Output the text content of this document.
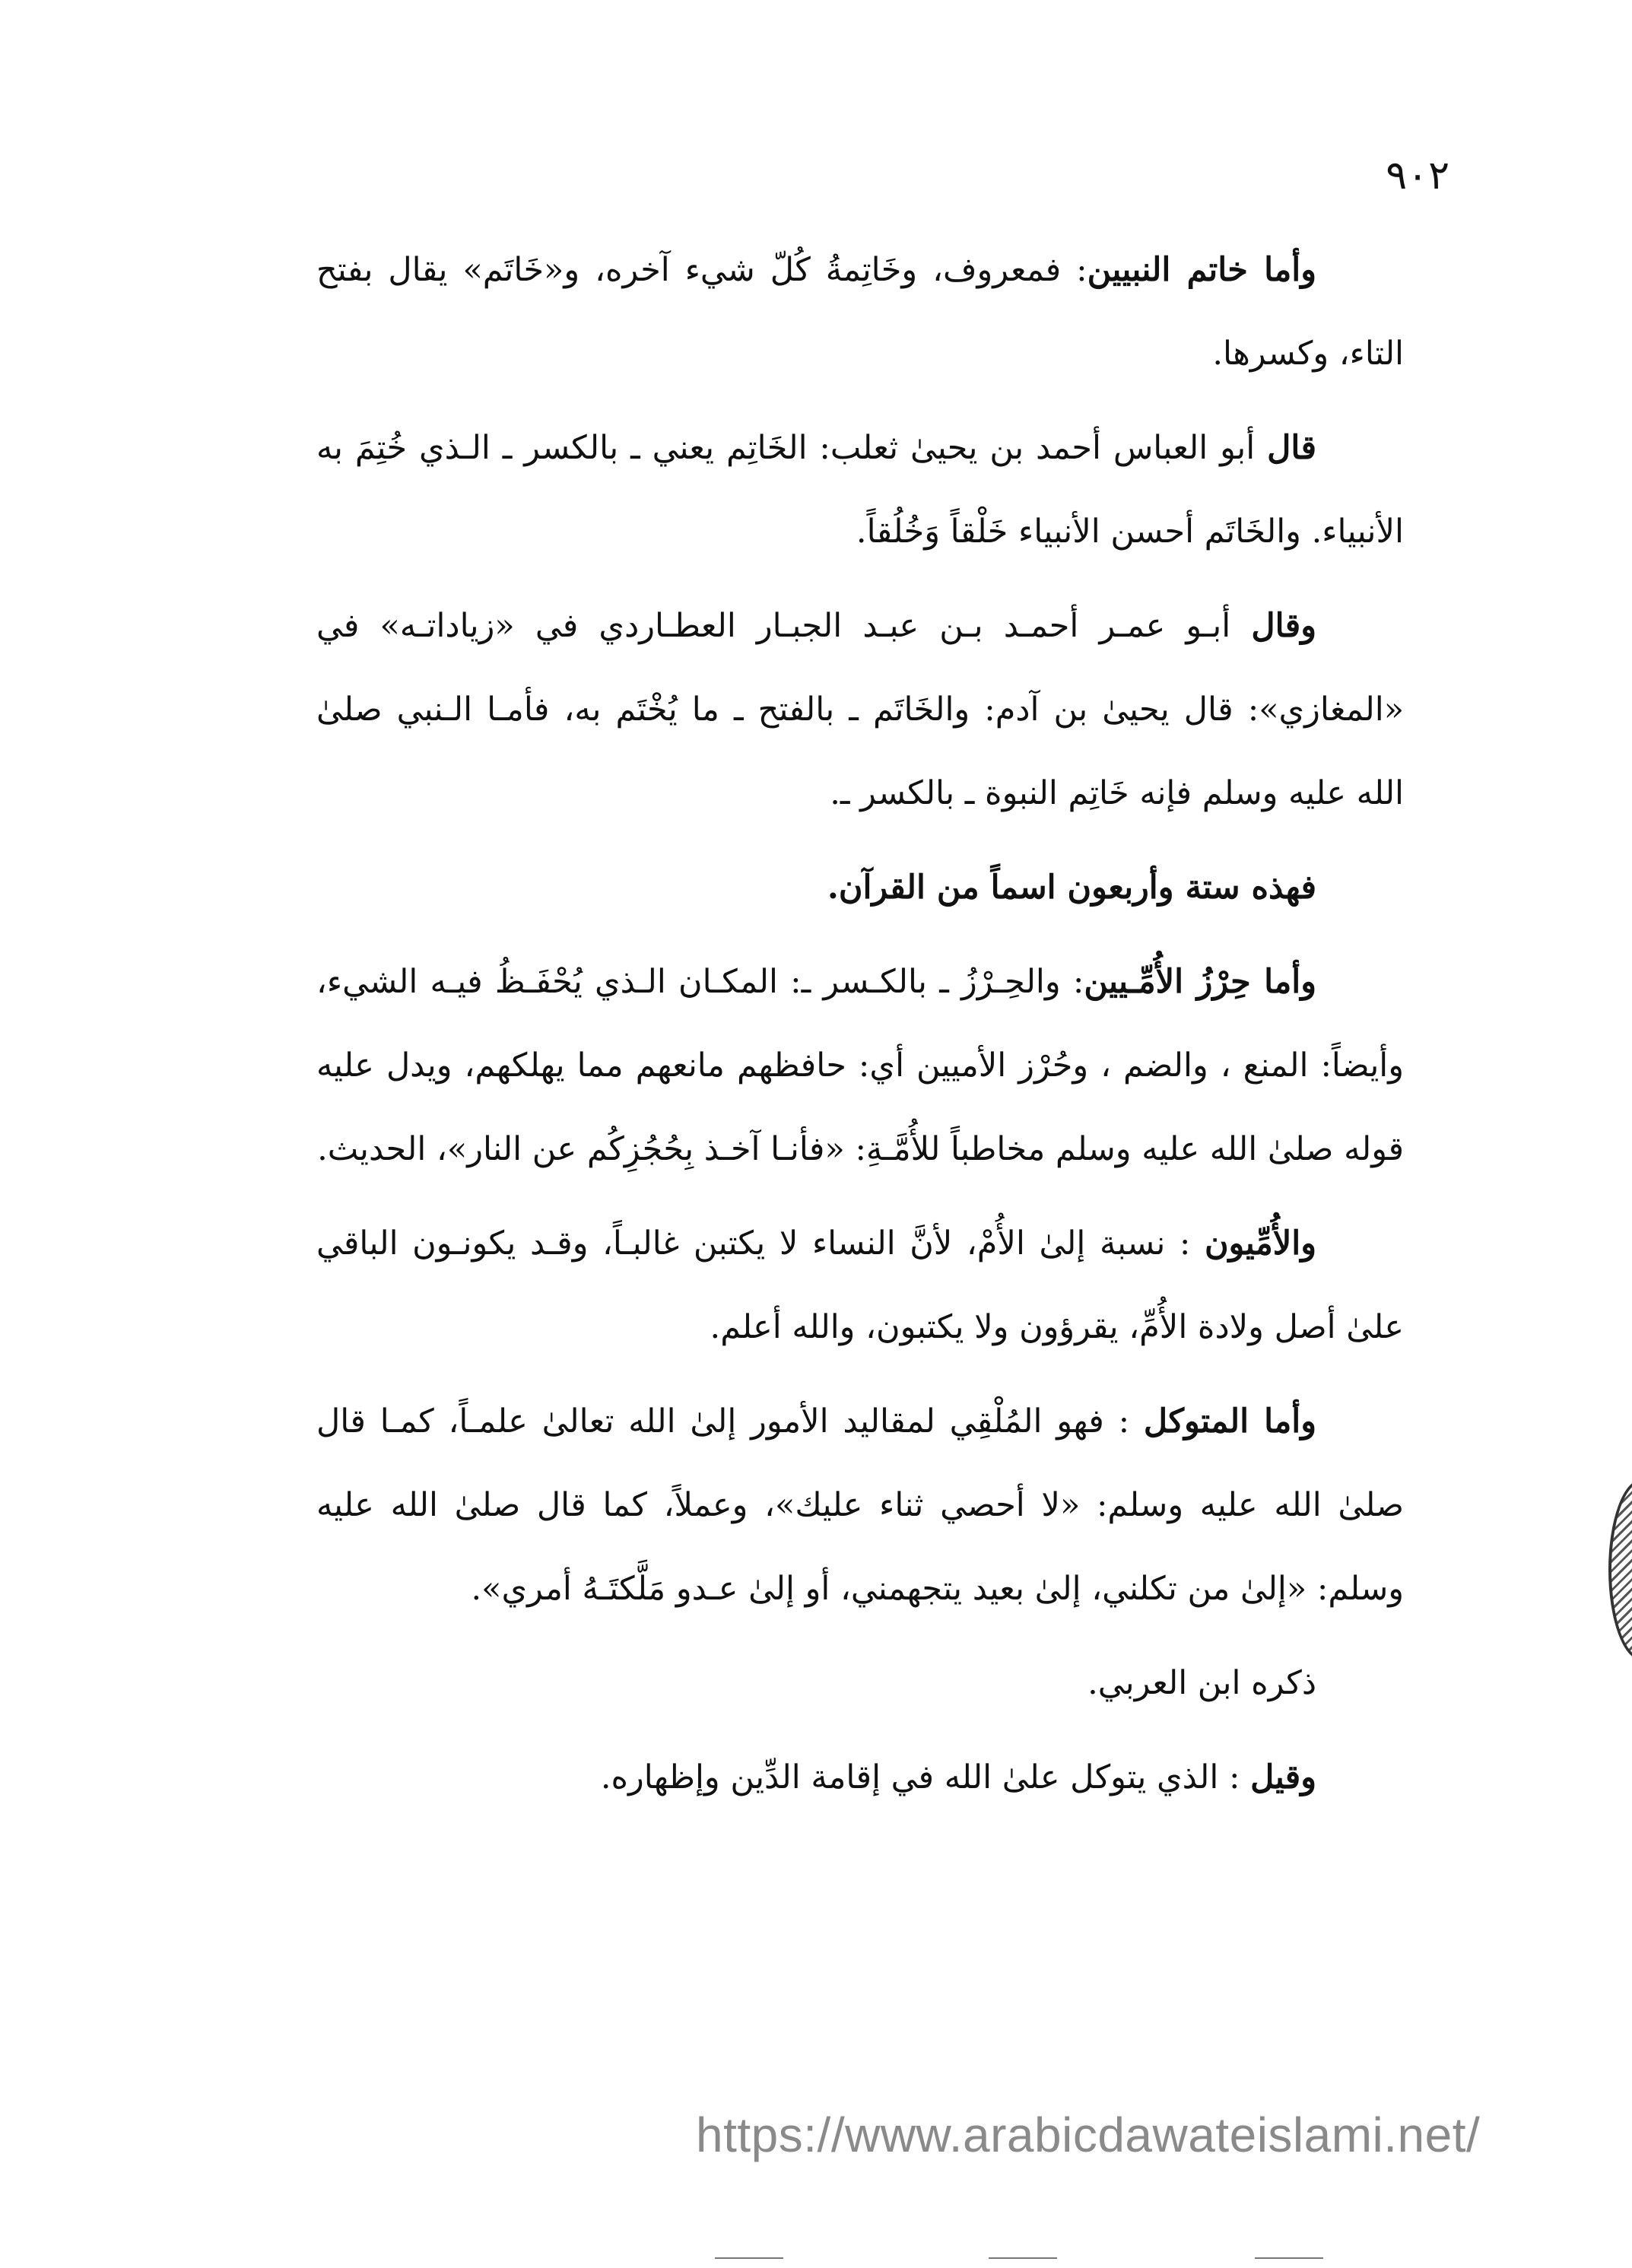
٩٠٢

وأما خاتم النبيين: فمعروف، وخَاتِمةُ كُلّ شيء آخره، و«خَاتَم» يقال بفتح التاء، وكسرها.

قال أبو العباس أحمد بن يحيىٰ ثعلب: الخَاتِم يعني ـ بالكسر ـ الـذي خُتِمَ به الأنبياء. والخَاتَم أحسن الأنبياء خَلْقاً وَخُلُقاً.

وقال أبـو عمـر أحمـد بـن عبـد الجبـار العطـاردي في «زياداتـه» في «المغازي»: قال يحيىٰ بن آدم: والخَاتَم ـ بالفتح ـ ما يُخْتَم به، فأمـا الـنبي صلىٰ الله عليه وسلم فإنه خَاتِم النبوة ـ بالكسر ـ.

فهذه ستة وأربعون اسماً من القرآن.

وأما حِرْزُ الأُمِّـيين: والحِـرْزُ ـ بالكـسر ـ: المكـان الـذي يُحْفَـظُ فيـه الشيء، وأيضاً: المنع ، والضم ، وحُرْز الأميين أي: حافظهم مانعهم مما يهلكهم، ويدل عليه قوله صلىٰ الله عليه وسلم مخاطباً للأُمَّـةِ: «فأنـا آخـذ بِحُجُزِكُم عن النار»، الحديث.

والأُمِّيون : نسبة إلىٰ الأُمْ، لأنَّ النساء لا يكتبن غالبـاً، وقـد يكونـون الباقي علىٰ أصل ولادة الأُمِّ، يقرؤون ولا يكتبون، والله أعلم.

وأما المتوكل : فهو المُلْقِي لمقاليد الأمور إلىٰ الله تعالىٰ علمـاً، كمـا قال صلىٰ الله عليه وسلم: «لا أحصي ثناء عليك»، وعملاً، كما قال صلىٰ الله عليه وسلم: «إلىٰ من تكلني، إلىٰ بعيد يتجهمني، أو إلىٰ عـدو مَلَّكتَـهُ أمري».

ذكره ابن العربي.

وقيل : الذي يتوكل علىٰ الله في إقامة الدِّين وإظهاره.

https://www.arabicdawateislami.net/
